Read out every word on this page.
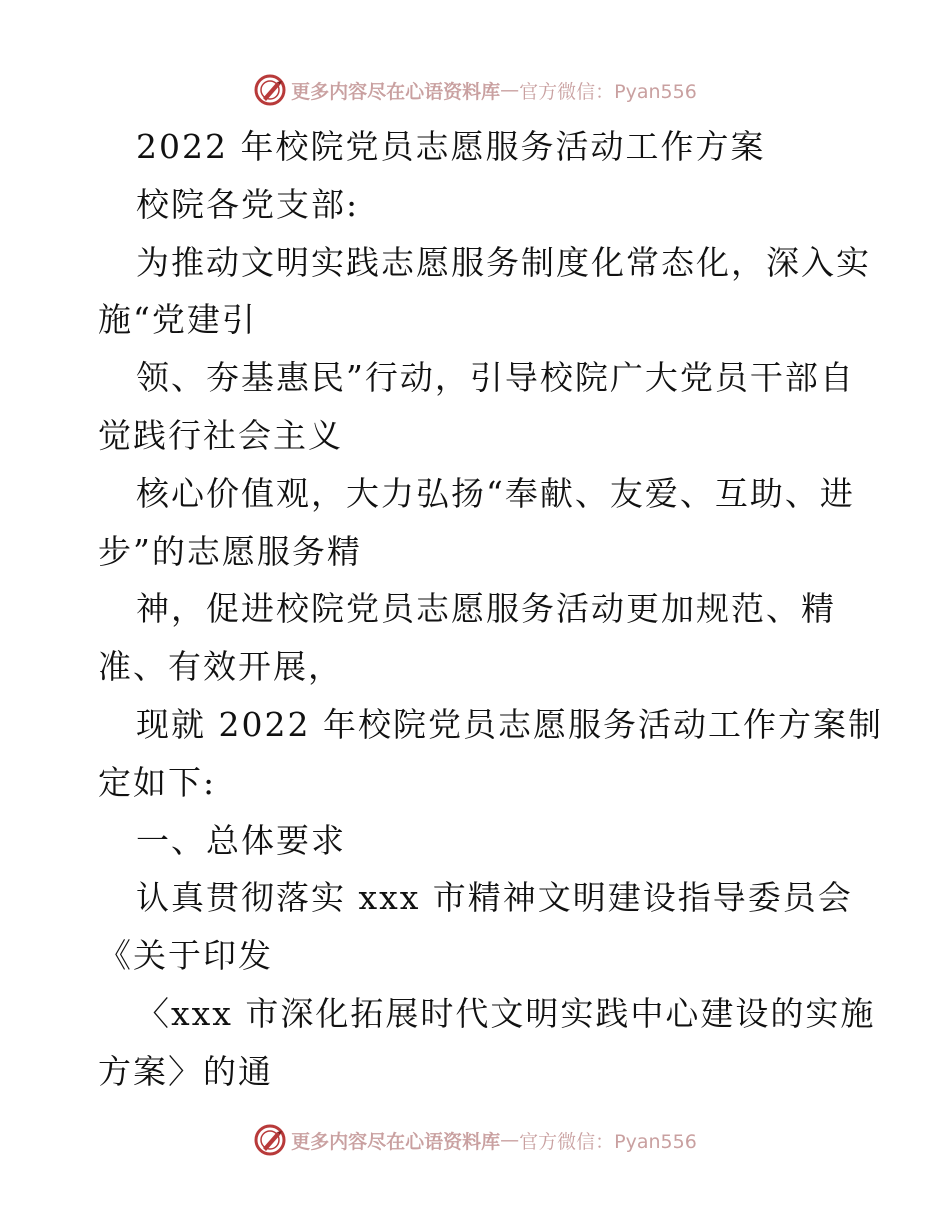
更多内容尽在心语资料库 — 官方微信：Pyan556
2022 年校院党员志愿服务活动工作方案
校院各党支部:
为推动文明实践志愿服务制度化常态化，深入实
施“党建引
领、夯基惠民”行动，引导校院广大党员干部自
觉践行社会主义
核心价值观，大力弘扬“奉献、友爱、互助、进
步”的志愿服务精
神，促进校院党员志愿服务活动更加规范、精
准、有效开展，
现就 2022 年校院党员志愿服务活动工作方案制
定如下:
一、总体要求
认真贯彻落实 xxx 市精神文明建设指导委员会
《关于印发
〈xxx 市深化拓展时代文明实践中心建设的实施
方案〉的通
更多内容尽在心语资料库 — 官方微信：Pyan556
